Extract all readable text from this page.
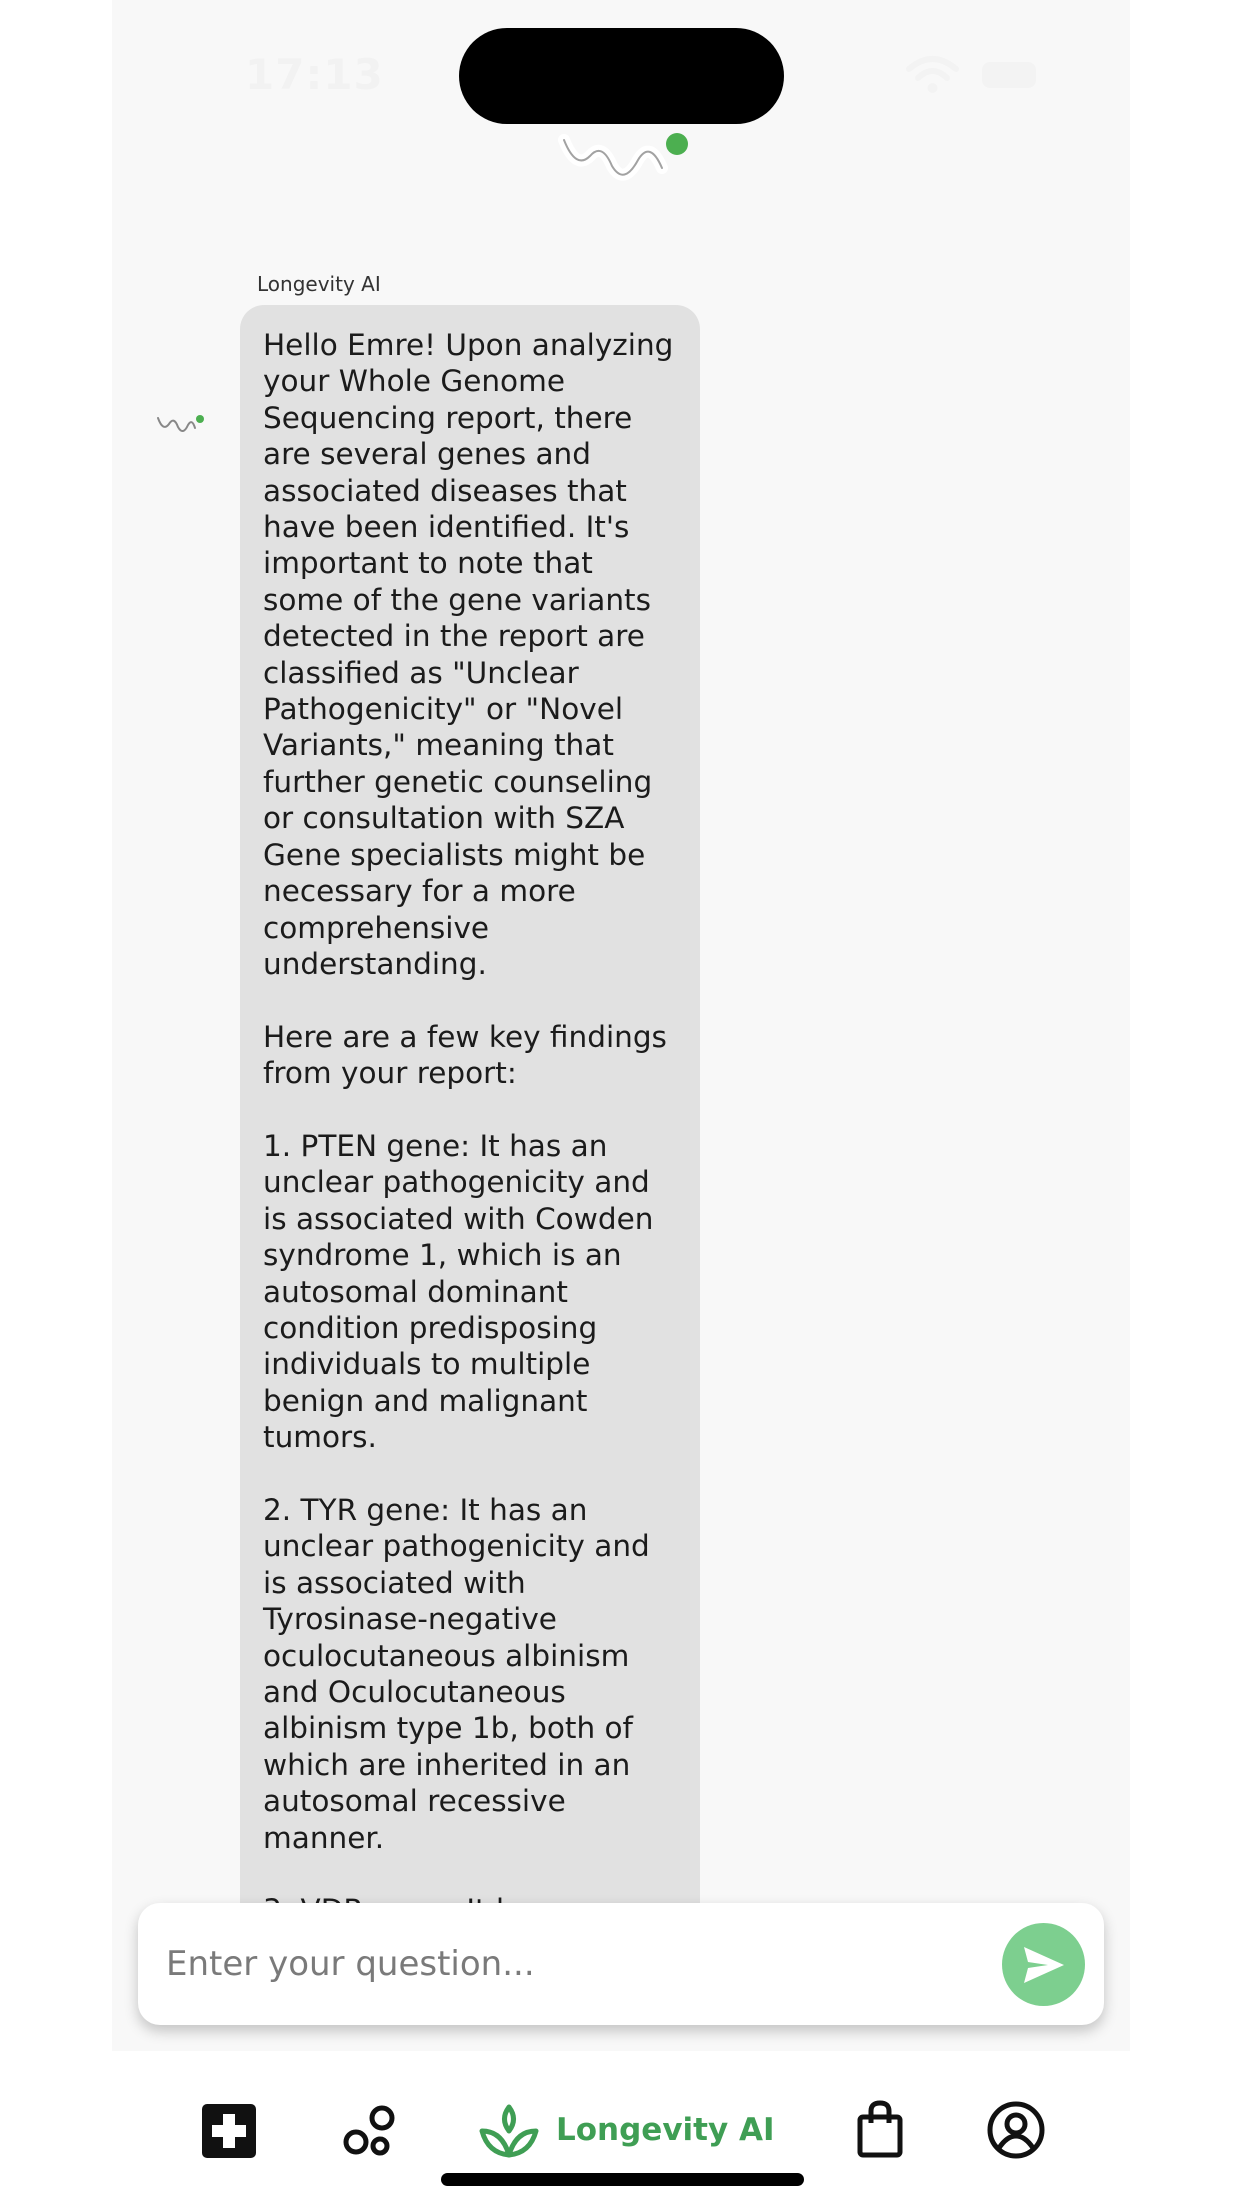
17:13
Longevity AI
Hello Emre! Upon analyzing your Whole Genome Sequencing report, there are several genes and associated diseases that have been identified. It's important to note that some of the gene variants detected in the report are classified as "Unclear Pathogenicity" or "Novel Variants," meaning that further genetic counseling or consultation with SZA Gene specialists might be necessary for a more comprehensive understanding.

Here are a few key findings from your report:

1. PTEN gene: It has an unclear pathogenicity and is associated with Cowden syndrome 1, which is an autosomal dominant condition predisposing individuals to multiple benign and malignant tumors.

2. TYR gene: It has an unclear pathogenicity and is associated with Tyrosinase-negative oculocutaneous albinism and Oculocutaneous albinism type 1b, both of which are inherited in an autosomal recessive manner.

Enter your question...
Longevity AI
